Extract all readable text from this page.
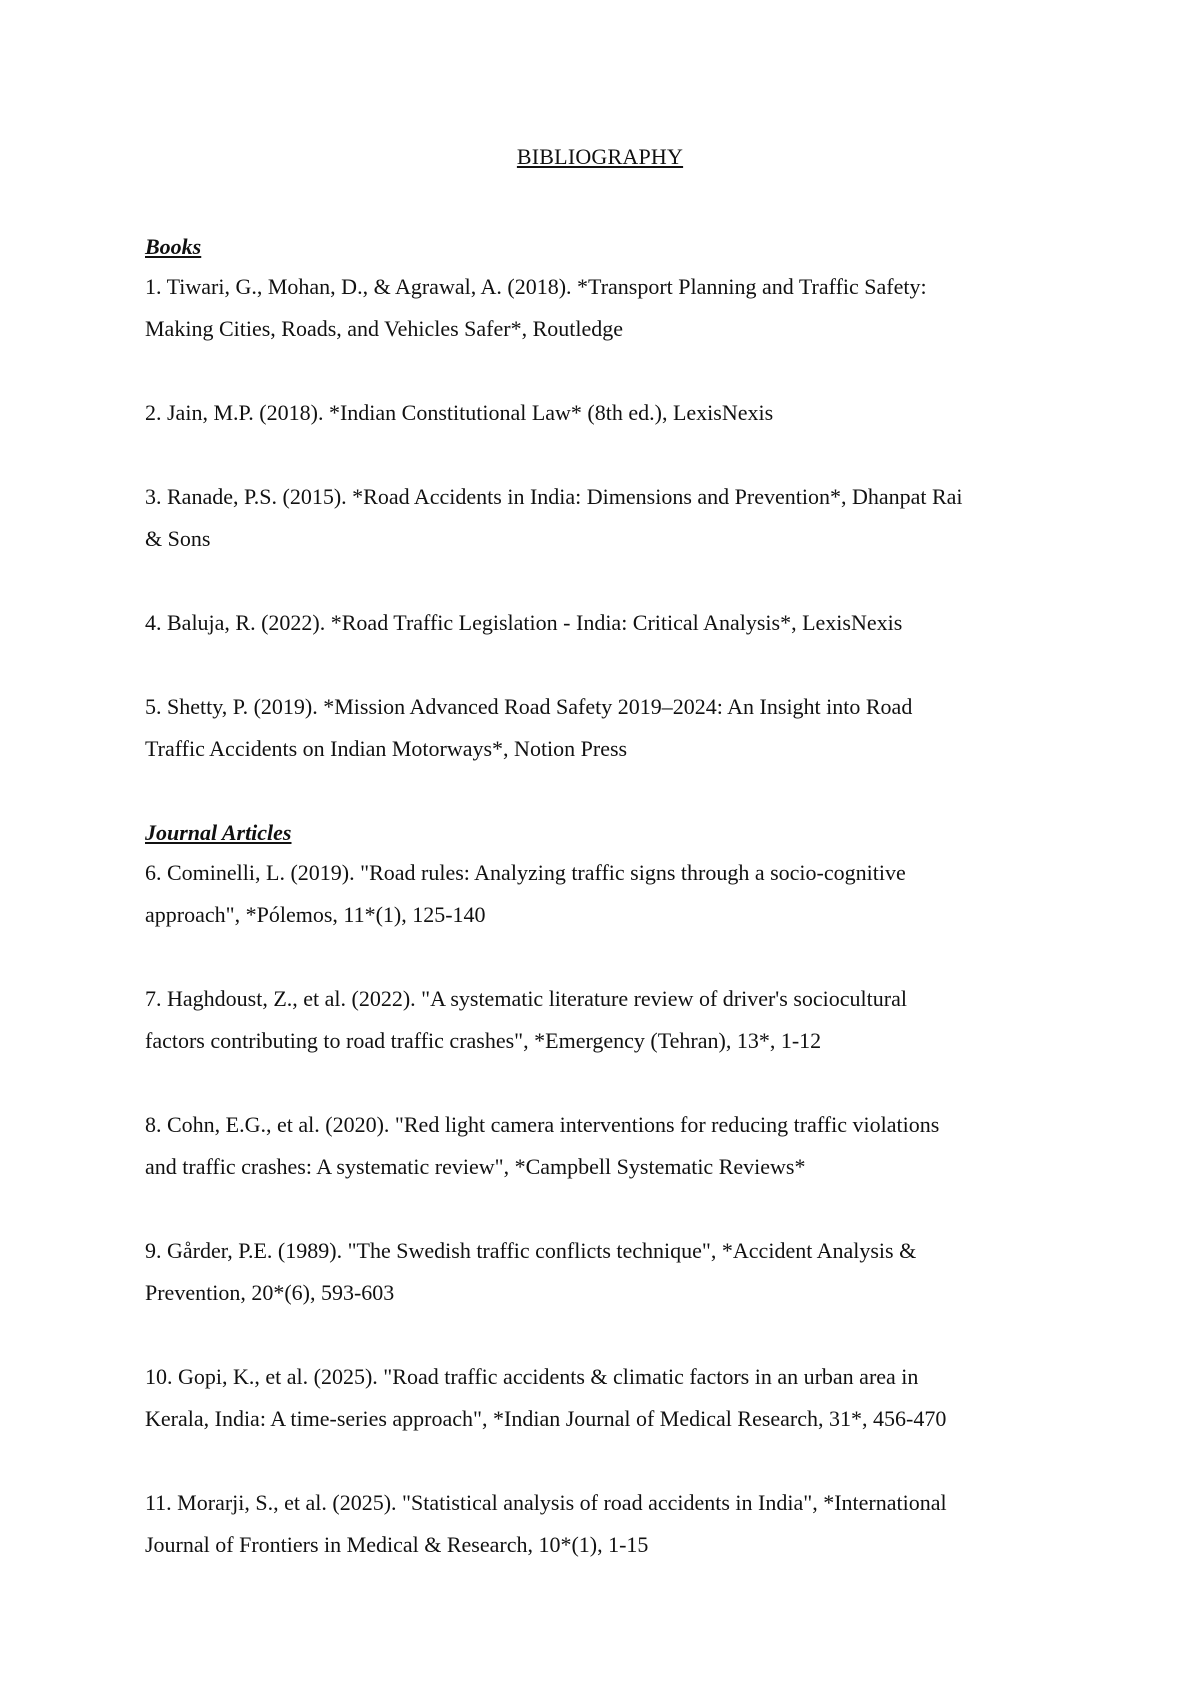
BIBLIOGRAPHY
Books

1. Tiwari, G., Mohan, D., & Agrawal, A. (2018). *Transport Planning and Traffic Safety:
Making Cities, Roads, and Vehicles Safer*, Routledge

2. Jain, M.P. (2018). *Indian Constitutional Law* (8th ed.), LexisNexis

3. Ranade, P.S. (2015). *Road Accidents in India: Dimensions and Prevention*, Dhanpat Rai
& Sons

4. Baluja, R. (2022). *Road Traffic Legislation - India: Critical Analysis*, LexisNexis

5. Shetty, P. (2019). *Mission Advanced Road Safety 2019–2024: An Insight into Road
Traffic Accidents on Indian Motorways*, Notion Press

Journal Articles

6. Cominelli, L. (2019). "Road rules: Analyzing traffic signs through a socio-cognitive
approach", *Pólemos, 11*(1), 125-140

7. Haghdoust, Z., et al. (2022). "A systematic literature review of driver's sociocultural
factors contributing to road traffic crashes", *Emergency (Tehran), 13*, 1-12

8. Cohn, E.G., et al. (2020). "Red light camera interventions for reducing traffic violations
and traffic crashes: A systematic review", *Campbell Systematic Reviews*

9. Gårder, P.E. (1989). "The Swedish traffic conflicts technique", *Accident Analysis &
Prevention, 20*(6), 593-603

10. Gopi, K., et al. (2025). "Road traffic accidents & climatic factors in an urban area in
Kerala, India: A time-series approach", *Indian Journal of Medical Research, 31*, 456-470

11. Morarji, S., et al. (2025). "Statistical analysis of road accidents in India", *International
Journal of Frontiers in Medical & Research, 10*(1), 1-15
